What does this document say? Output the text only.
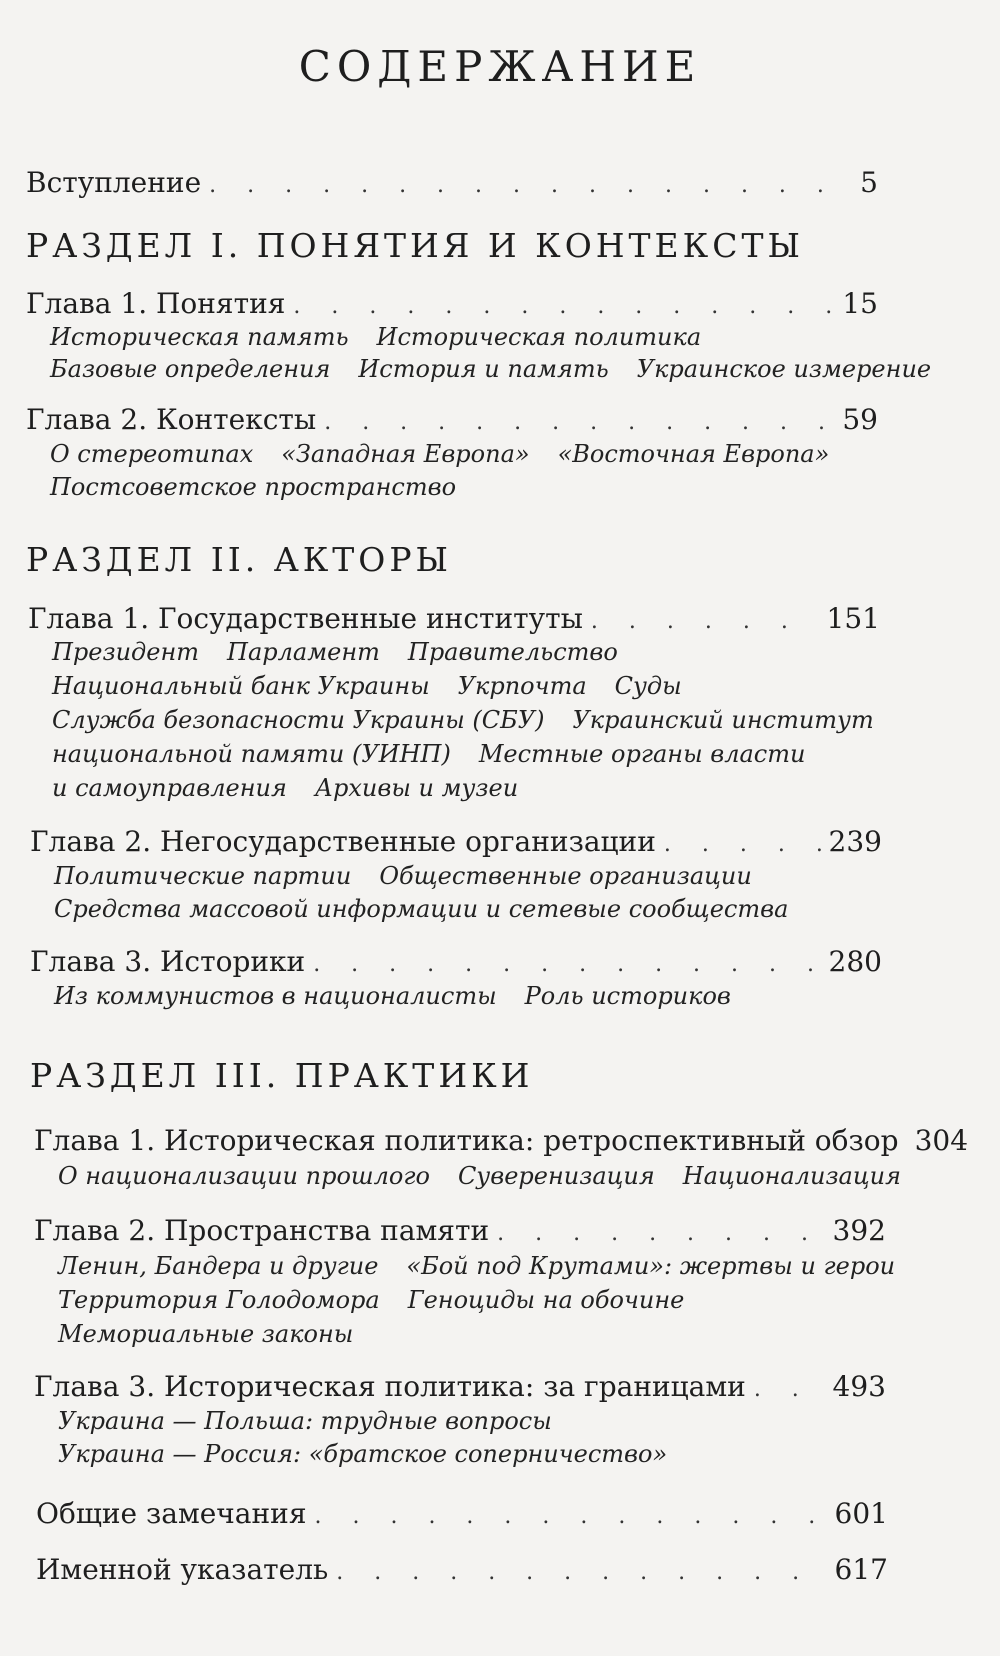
СОДЕРЖАНИЕ
Вступление . . .	5
РАЗДЕЛ I. ПОНЯТИЯ И КОНТЕКСТЫ
Глава 1. Понятия . . .	15
Историческая память Историческая политика
Базовые определения История и память Украинское измерение
Глава 2. Контексты . . .	59
О стереотипах «Западная Европа» «Восточная Европа»
Постсоветское пространство
РАЗДЕЛ II. АКТОРЫ
Глава 1. Государственные институты . . .	151
Президент Парламент Правительство
Национальный банк Украины Укрпочта Суды
Служба безопасности Украины (СБУ) Украинский институт
национальной памяти (УИНП) Местные органы власти
и самоуправления Архивы и музеи
Глава 2. Негосударственные организации . . .	239
Политические партии Общественные организации
Средства массовой информации и сетевые сообщества
Глава 3. Историки . . .	280
Из коммунистов в националисты Роль историков
РАЗДЕЛ III. ПРАКТИКИ
Глава 1. Историческая политика: ретроспективный обзор 304
О национализации прошлого Суверенизация Национализация
Глава 2. Пространства памяти . . .	392
Ленин, Бандера и другие «Бой под Крутами»: жертвы и герои
Территория Голодомора Геноциды на обочине
Мемориальные законы
Глава 3. Историческая политика: за границами . . .	493
Украина — Польша: трудные вопросы
Украина — Россия: «братское соперничество»
Общие замечания . . .	601
Именной указатель . . .	617
